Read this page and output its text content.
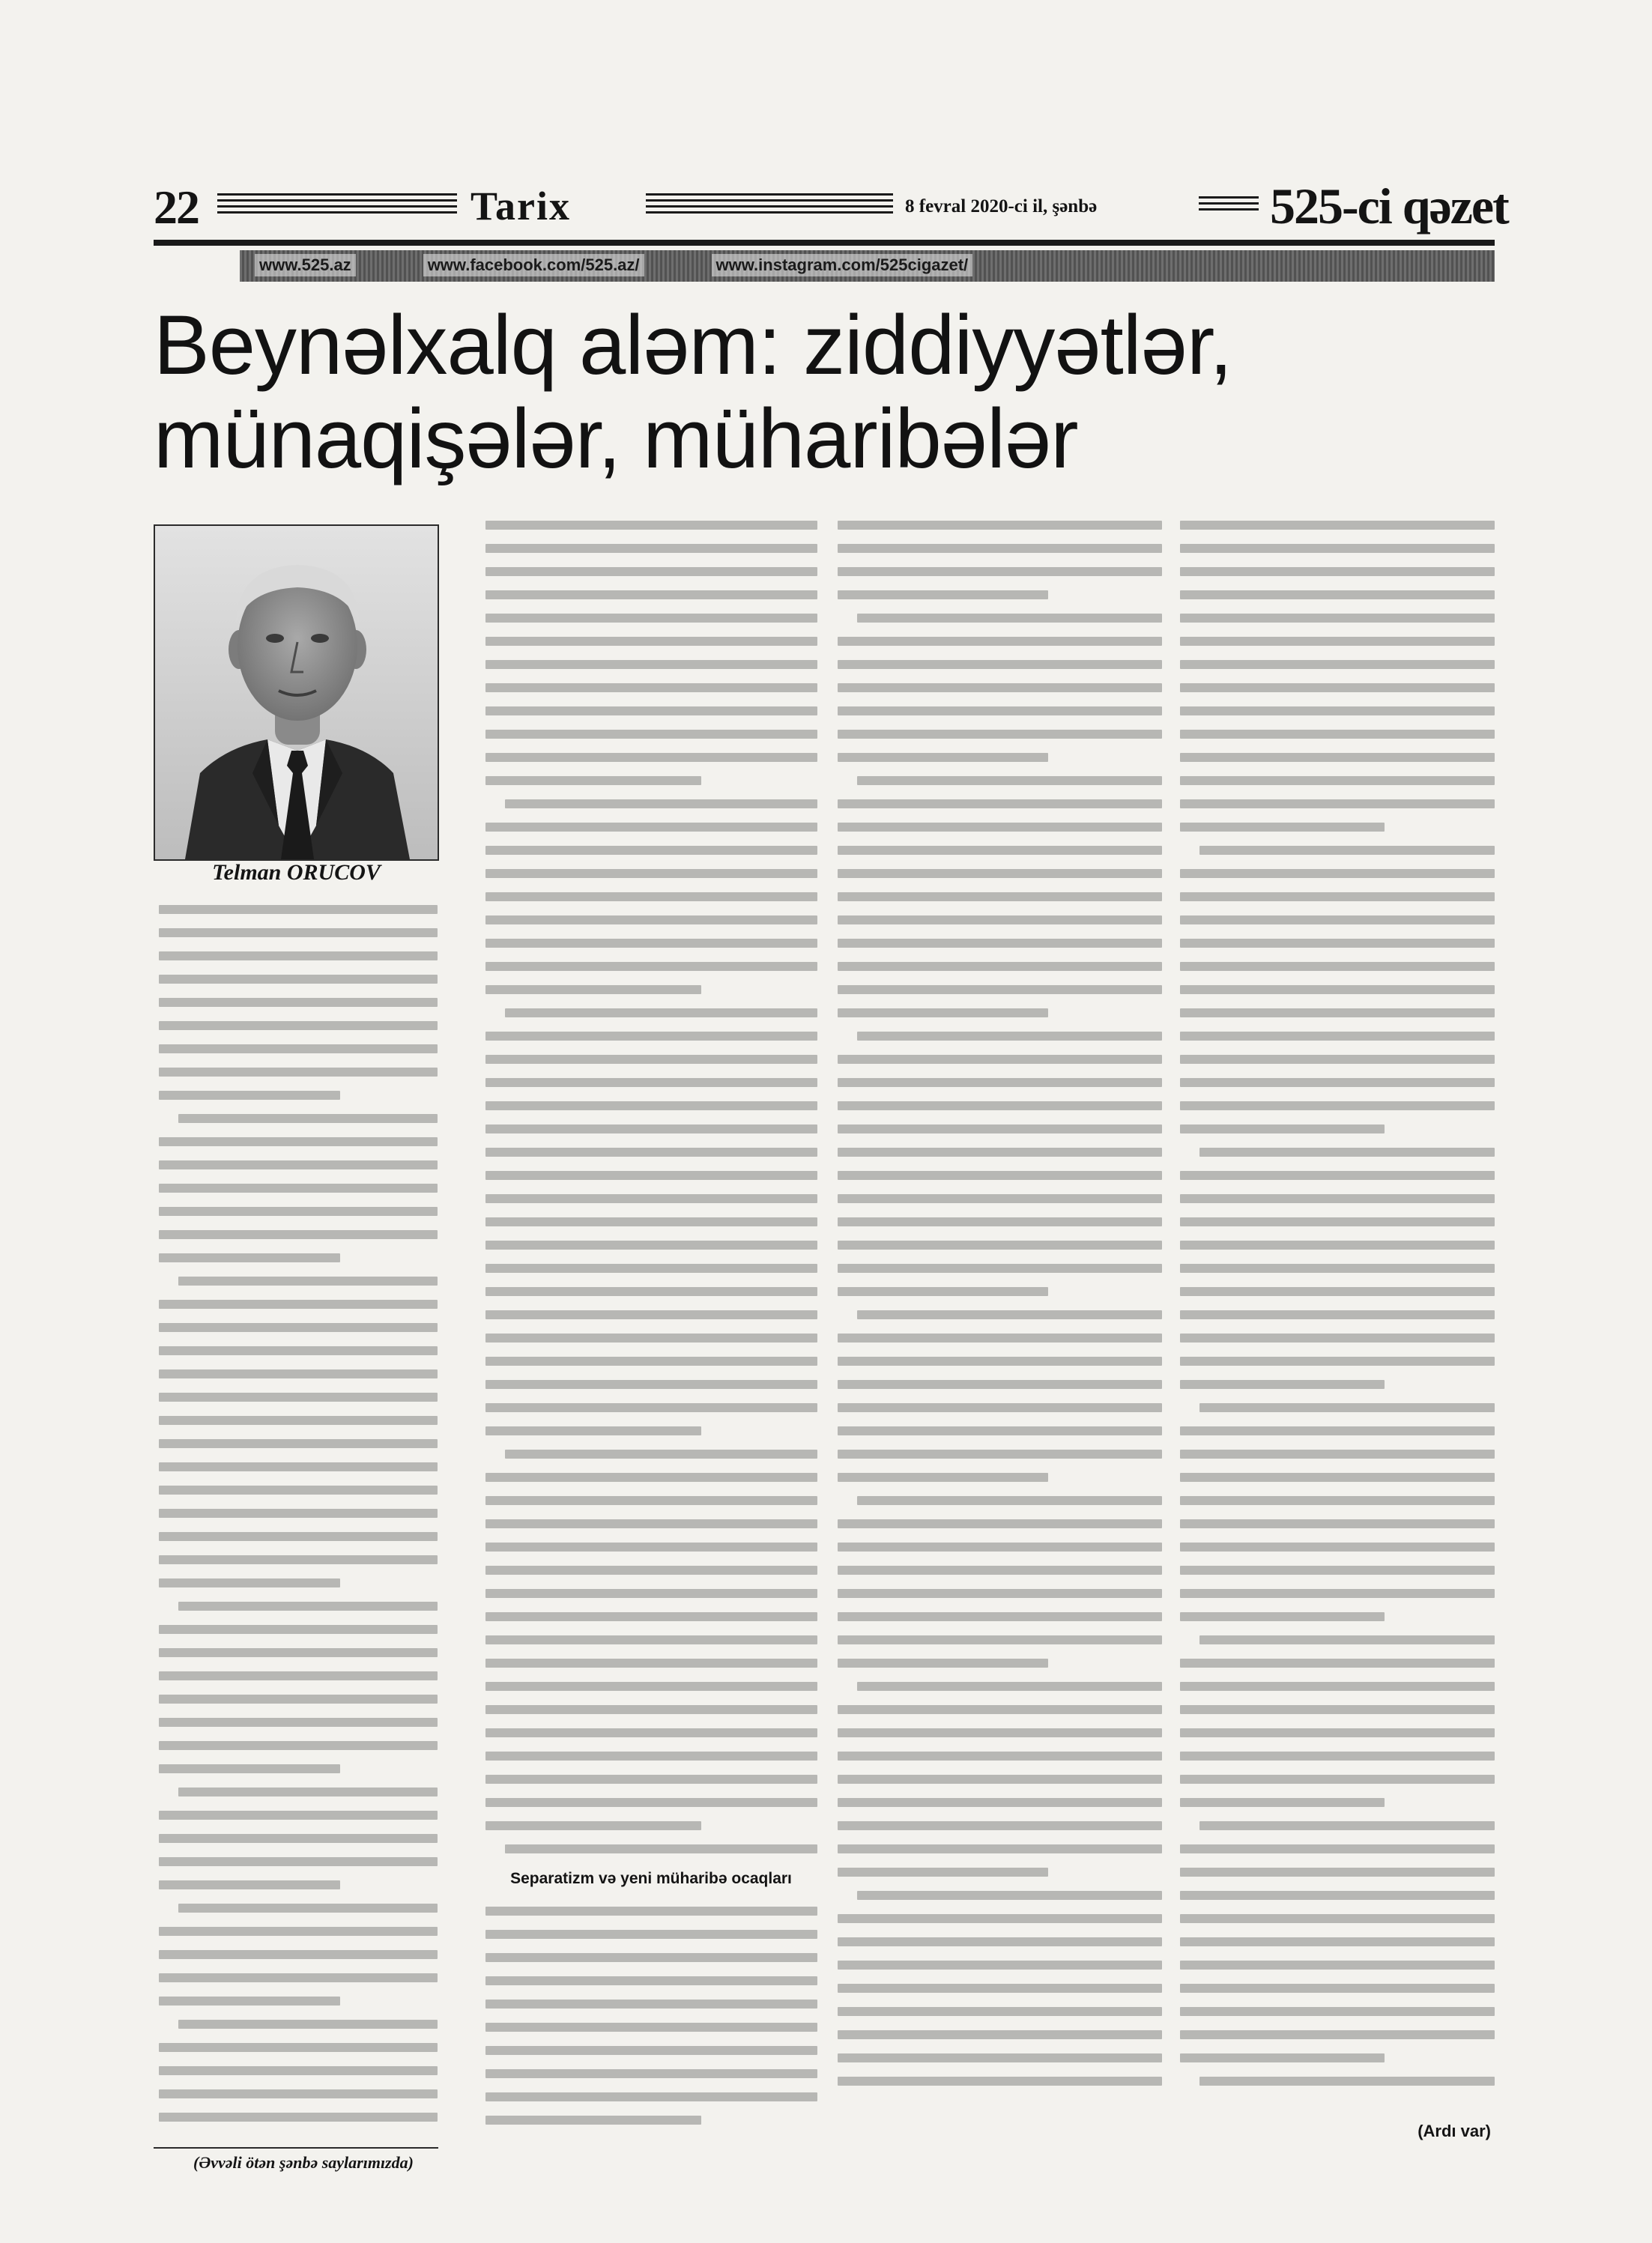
22	Tarix	8 fevral 2020-ci il, şənbə	525-ci qəzet
www.525.az	www.facebook.com/525.az/	www.instagram.com/525cigazet/
Beynəlxalq aləm: ziddiyyətlər,
münaqişələr, müharibələr
Telman ORUCOV
Separatizm və yeni müharibə ocaqları
(Əvvəli ötən şənbə saylarımızda)
(Ardı var)
